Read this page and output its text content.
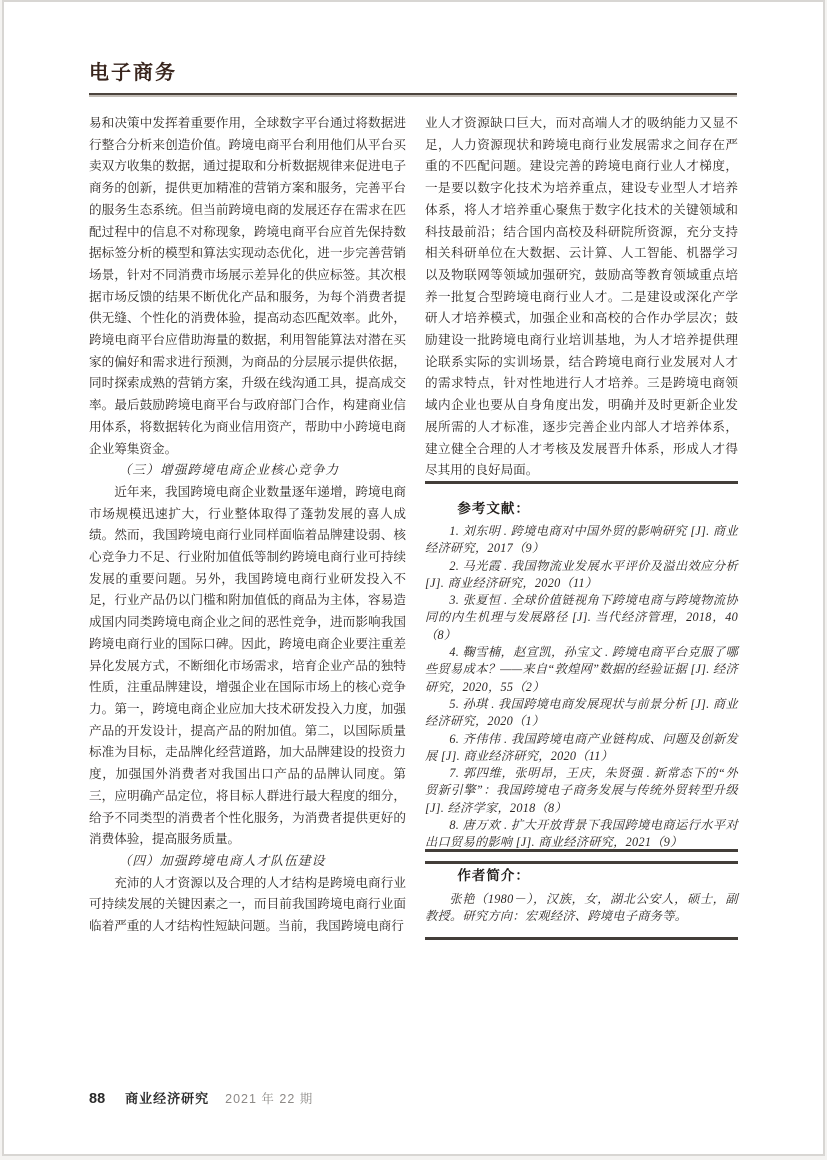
电子商务

易和决策中发挥着重要作用，全球数字平台通过将数据进行整合分析来创造价值。跨境电商平台利用他们从平台买卖双方收集的数据，通过提取和分析数据规律来促进电子商务的创新，提供更加精准的营销方案和服务，完善平台的服务生态系统。但当前跨境电商的发展还存在需求在匹配过程中的信息不对称现象，跨境电商平台应首先保持数据标签分析的模型和算法实现动态优化，进一步完善营销场景，针对不同消费市场展示差异化的供应标签。其次根据市场反馈的结果不断优化产品和服务，为每个消费者提供无缝、个性化的消费体验，提高动态匹配效率。此外，跨境电商平台应借助海量的数据，利用智能算法对潜在买家的偏好和需求进行预测，为商品的分层展示提供依据，同时探索成熟的营销方案，升级在线沟通工具，提高成交率。最后鼓励跨境电商平台与政府部门合作，构建商业信用体系，将数据转化为商业信用资产，帮助中小跨境电商企业筹集资金。

（三）增强跨境电商企业核心竞争力

近年来，我国跨境电商企业数量逐年递增，跨境电商市场规模迅速扩大，行业整体取得了蓬勃发展的喜人成绩。然而，我国跨境电商行业同样面临着品牌建设弱、核心竞争力不足、行业附加值低等制约跨境电商行业可持续发展的重要问题。另外，我国跨境电商行业研发投入不足，行业产品仍以门槛和附加值低的商品为主体，容易造成国内同类跨境电商企业之间的恶性竞争，进而影响我国跨境电商行业的国际口碑。因此，跨境电商企业要注重差异化发展方式，不断细化市场需求，培育企业产品的独特性质，注重品牌建设，增强企业在国际市场上的核心竞争力。第一，跨境电商企业应加大技术研发投入力度，加强产品的开发设计，提高产品的附加值。第二，以国际质量标准为目标，走品牌化经营道路，加大品牌建设的投资力度，加强国外消费者对我国出口产品的品牌认同度。第三，应明确产品定位，将目标人群进行最大程度的细分，给予不同类型的消费者个性化服务，为消费者提供更好的消费体验，提高服务质量。

（四）加强跨境电商人才队伍建设

充沛的人才资源以及合理的人才结构是跨境电商行业可持续发展的关键因素之一，而目前我国跨境电商行业面临着严重的人才结构性短缺问题。当前，我国跨境电商行

业人才资源缺口巨大，而对高端人才的吸纳能力又显不足，人力资源现状和跨境电商行业发展需求之间存在严重的不匹配问题。建设完善的跨境电商行业人才梯度，一是要以数字化技术为培养重点，建设专业型人才培养体系，将人才培养重心聚焦于数字化技术的关键领域和科技最前沿；结合国内高校及科研院所资源，充分支持相关科研单位在大数据、云计算、人工智能、机器学习以及物联网等领域加强研究，鼓励高等教育领域重点培养一批复合型跨境电商行业人才。二是建设或深化产学研人才培养模式，加强企业和高校的合作办学层次；鼓励建设一批跨境电商行业培训基地，为人才培养提供理论联系实际的实训场景，结合跨境电商行业发展对人才的需求特点，针对性地进行人才培养。三是跨境电商领域内企业也要从自身角度出发，明确并及时更新企业发展所需的人才标准，逐步完善企业内部人才培养体系，建立健全合理的人才考核及发展晋升体系，形成人才得尽其用的良好局面。

参考文献：

1. 刘东明 . 跨境电商对中国外贸的影响研究 [J]. 商业经济研究，2017（9）

2. 马光霞 . 我国物流业发展水平评价及溢出效应分析 [J]. 商业经济研究，2020（11）

3. 张夏恒 . 全球价值链视角下跨境电商与跨境物流协同的内生机理与发展路径 [J]. 当代经济管理，2018，40（8）

4. 鞠雪楠，赵宣凯，孙宝文 . 跨境电商平台克服了哪些贸易成本？——来自“敦煌网”数据的经验证据 [J]. 经济研究，2020，55（2）

5. 孙琪 . 我国跨境电商发展现状与前景分析 [J]. 商业经济研究，2020（1）

6. 齐伟伟 . 我国跨境电商产业链构成、问题及创新发展 [J]. 商业经济研究，2020（11）

7. 郭四维，张明昂，王庆，朱贤强 . 新常态下的“外贸新引擎”：我国跨境电子商务发展与传统外贸转型升级 [J]. 经济学家，2018（8）

8. 唐万欢 . 扩大开放背景下我国跨境电商运行水平对出口贸易的影响 [J]. 商业经济研究，2021（9）

作者简介：

张艳（1980－），汉族，女，湖北公安人，硕士，副教授。研究方向：宏观经济、跨境电子商务等。

88 商业经济研究 2021 年 22 期
